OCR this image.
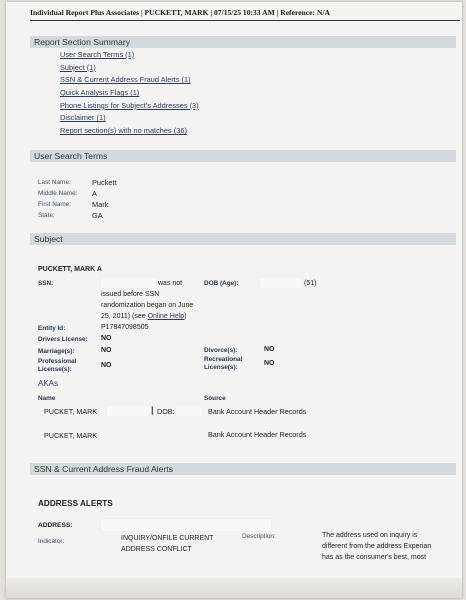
Individual Report Plus Associates | PUCKETT, MARK | 07/15/25 10:33 AM | Reference: N/A
Report Section Summary
User Search Terms (1)
Subject (1)
SSN & Current Address Fraud Alerts (1)
Quick Analysis Flags (1)
Phone Listings for Subject's Addresses (3)
Disclaimer (1)
Report section(s) with no matches (36)
User Search Terms
Last Name:	Puckett
Middle Name: A
First Name:	Mark
State:	GA
Subject
PUCKETT, MARK A
SSN:	was not
issued before SSN
randomization began on June
25, 2011) (see Online Help)
DOB (Age):	(51)
Entity Id:	P17847098505
Drivers License: NO
Marriage(s):	NO	Divorce(s):	NO
Professional
License(s):
NO
Recreational
License(s):
NO
AKAs
Name	Source
PUCKET, MARK	▏ DOB:	Bank Account Header Records
PUCKET, MARK	Bank Account Header Records
SSN & Current Address Fraud Alerts
ADDRESS ALERTS
ADDRESS:
Indicator:	INQUIRY/ONFILE CURRENT
ADDRESS CONFLICT
Description:	The address used on inquiry is
different from the address Experian
has as the consumer's best, most
